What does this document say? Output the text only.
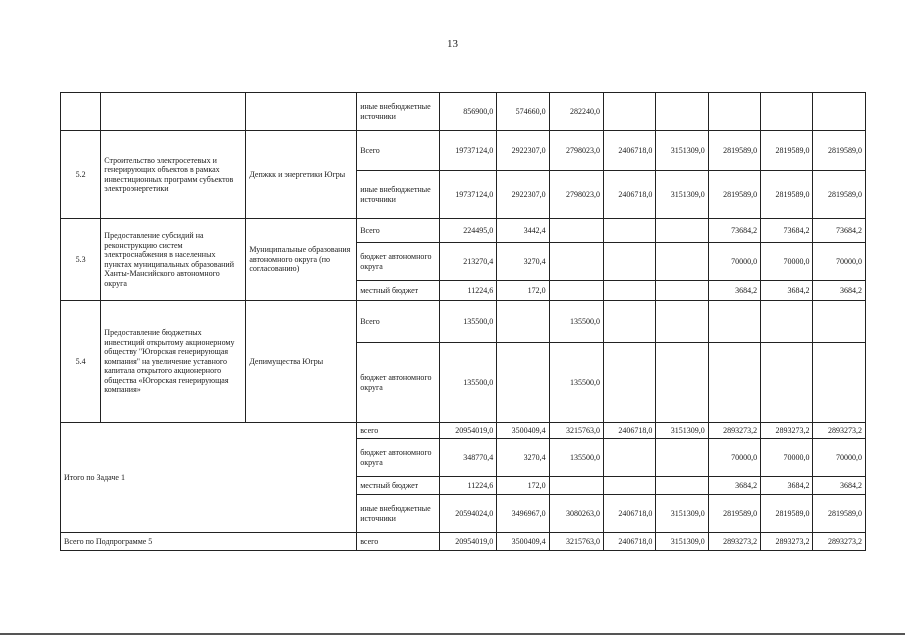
13
			иные внебюджетные источники	856900,0	574660,0	282240,0					
5.2	Строительство электросетевых и генерирующих объектов в рамках инвестиционных программ субъектов электроэнергетики	Депжкк и энергетики Югры	Всего	19737124,0	2922307,0	2798023,0	2406718,0	3151309,0	2819589,0	2819589,0	2819589,0
			иные внебюджетные источники	19737124,0	2922307,0	2798023,0	2406718,0	3151309,0	2819589,0	2819589,0	2819589,0
5.3	Предоставление субсидий на реконструкцию систем электроснабжения в населенных пунктах муниципальных образований Ханты-Мансийского автономного округа	Муниципальные образования автономного округа (по согласованию)	Всего	224495,0	3442,4				73684,2	73684,2	73684,2
			бюджет автономного округа	213270,4	3270,4				70000,0	70000,0	70000,0
			местный бюджет	11224,6	172,0				3684,2	3684,2	3684,2
5.4	Предоставление бюджетных инвестиций открытому акционерному обществу "Югорская генерирующая компания" на увеличение уставного капитала открытого акционерного общества «Югорская генерирующая компания»	Депимущества Югры	Всего	135500,0		135500,0					
			бюджет автономного округа	135500,0		135500,0					
Итого по Задаче 1			всего	20954019,0	3500409,4	3215763,0	2406718,0	3151309,0	2893273,2	2893273,2	2893273,2
			бюджет автономного округа	348770,4	3270,4	135500,0			70000,0	70000,0	70000,0
			местный бюджет	11224,6	172,0				3684,2	3684,2	3684,2
			иные внебюджетные источники	20594024,0	3496967,0	3080263,0	2406718,0	3151309,0	2819589,0	2819589,0	2819589,0
Всего по Подпрограмме 5			всего	20954019,0	3500409,4	3215763,0	2406718,0	3151309,0	2893273,2	2893273,2	2893273,2
